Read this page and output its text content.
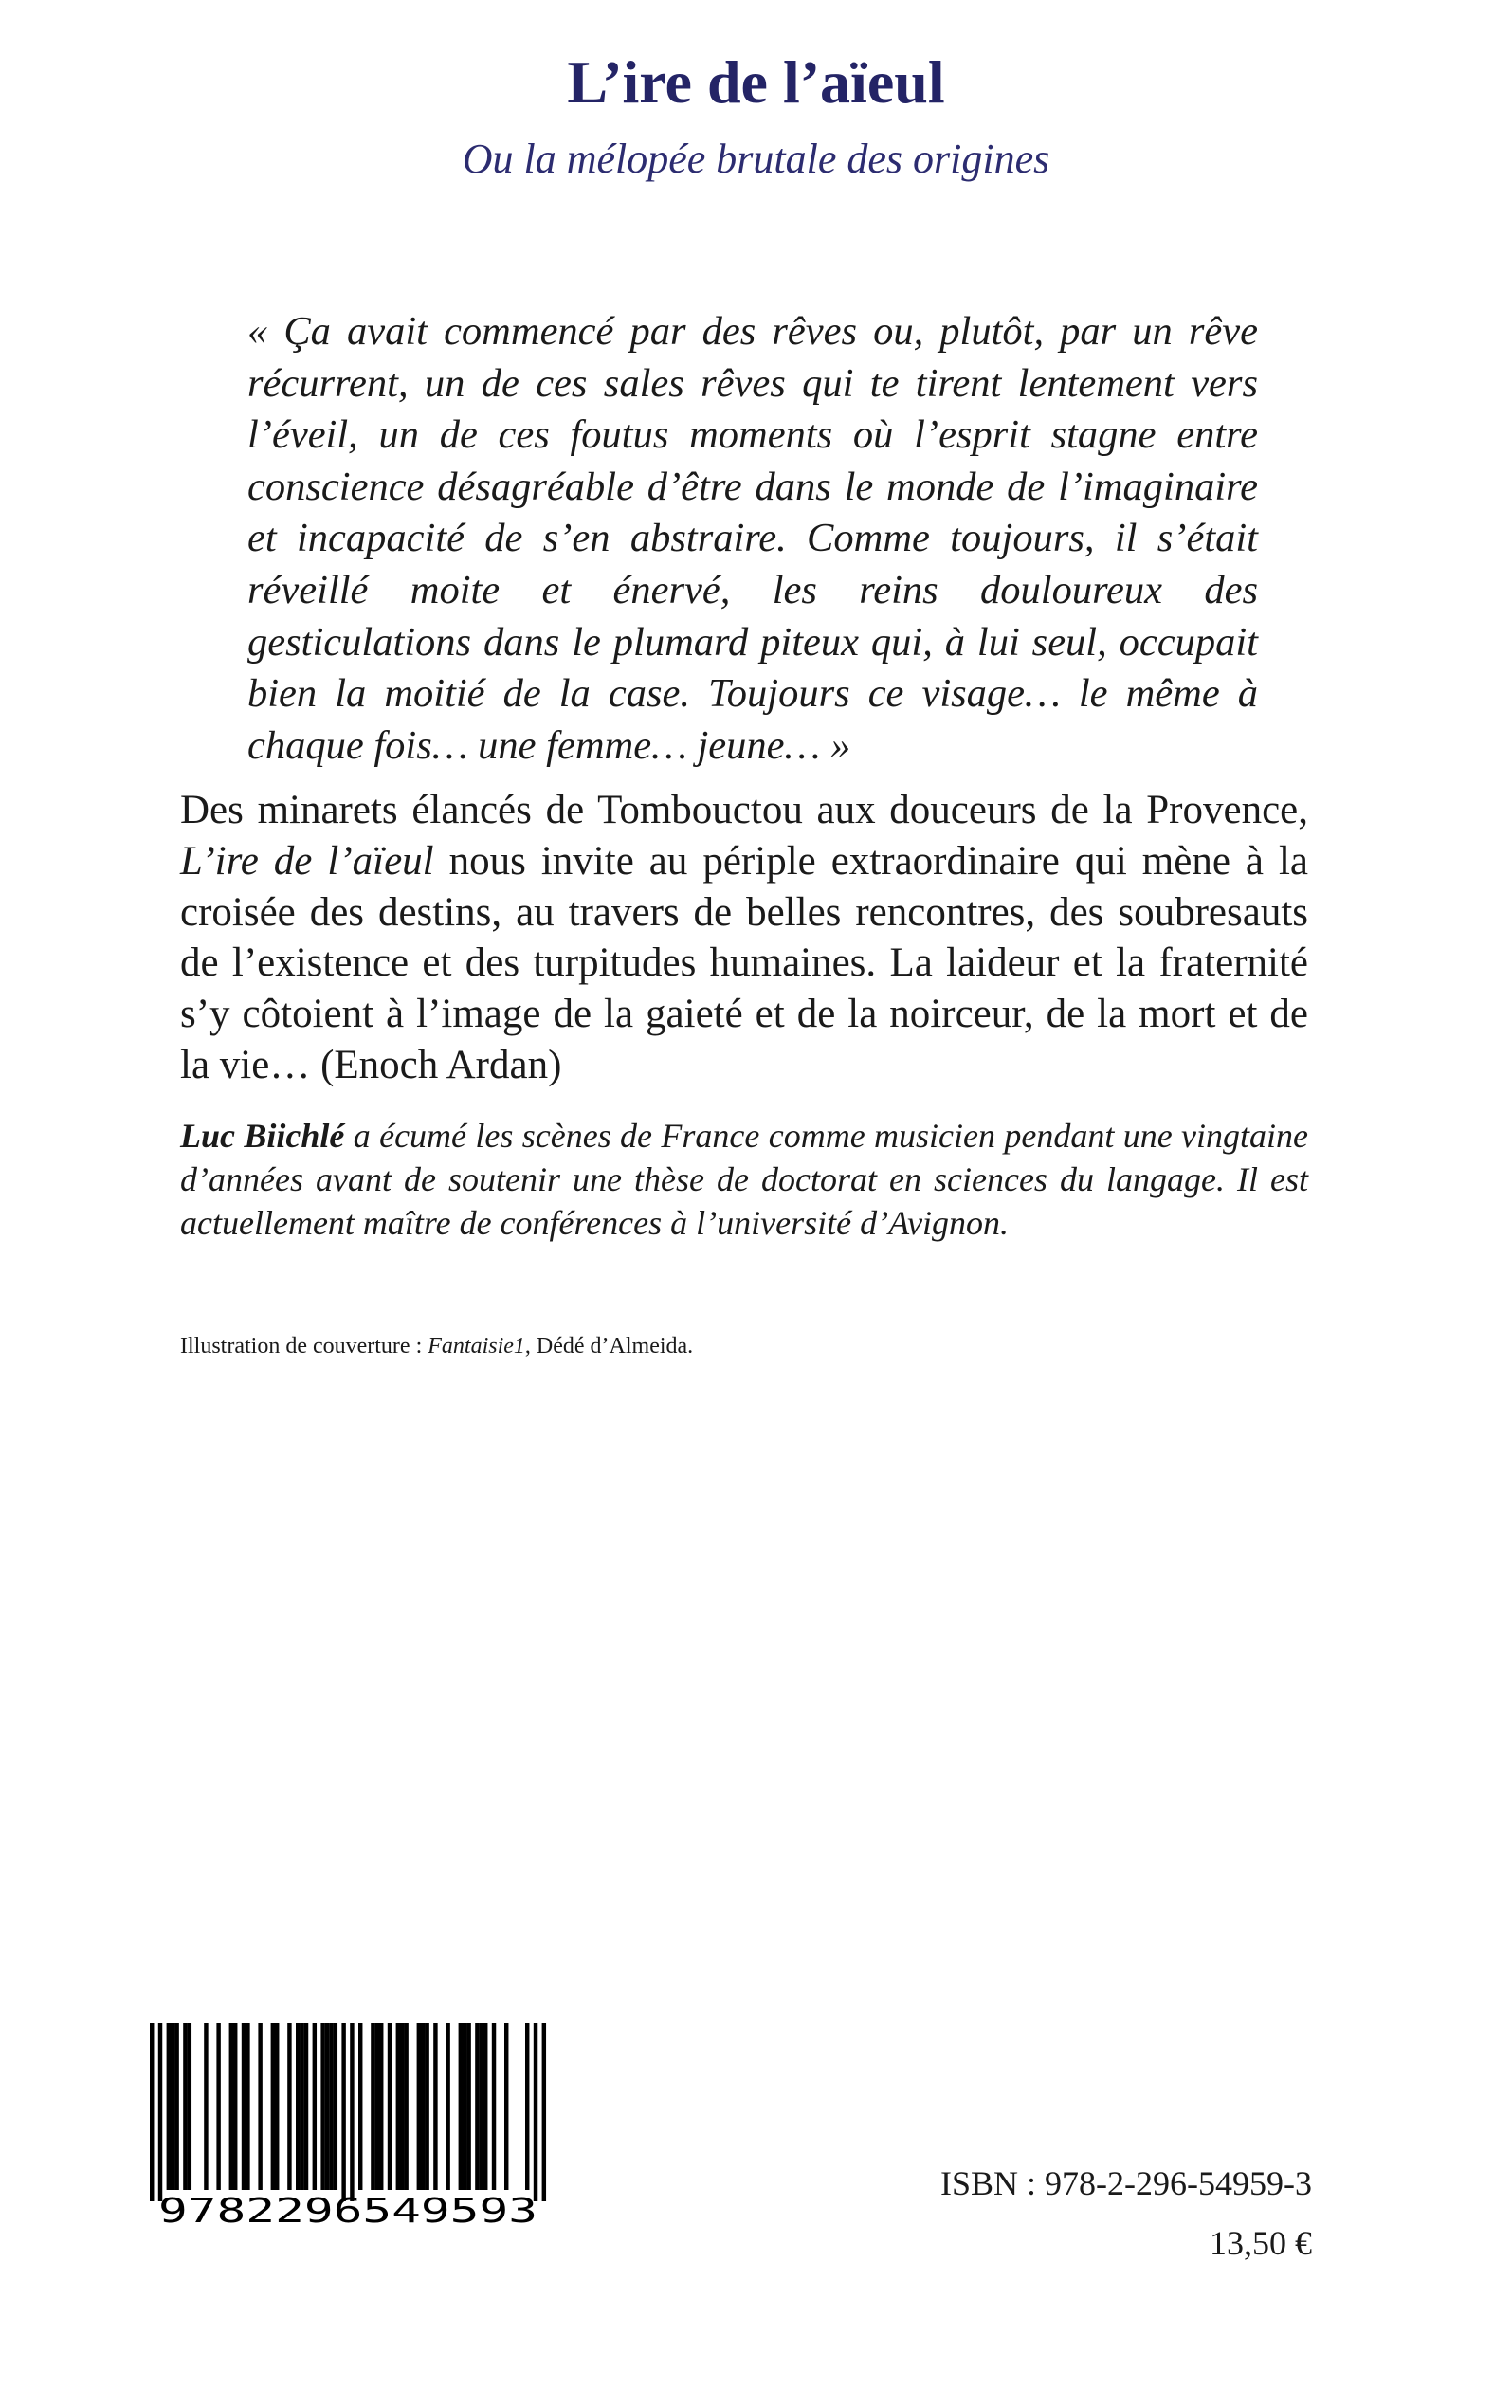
L’ire de l’aïeul

Ou la mélopée brutale des origines

« Ça avait commencé par des rêves ou, plutôt, par un rêve récurrent, un de ces sales rêves qui te tirent lentement vers l’éveil, un de ces foutus moments où l’esprit stagne entre conscience désagréable d’être dans le monde de l’imaginaire et incapacité de s’en abstraire. Comme toujours, il s’était réveillé moite et énervé, les reins douloureux des gesticulations dans le plumard piteux qui, à lui seul, occupait bien la moitié de la case. Toujours ce visage… le même à chaque fois… une femme… jeune… »

Des minarets élancés de Tombouctou aux douceurs de la Provence, L’ire de l’aïeul nous invite au périple extraordinaire qui mène à la croisée des destins, au travers de belles rencontres, des soubresauts de l’existence et des turpitudes humaines. La laideur et la fraternité s’y côtoient à l’image de la gaieté et de la noirceur, de la mort et de la vie… (Enoch Ardan)

Luc Biichlé a écumé les scènes de France comme musicien pendant une vingtaine d’années avant de soutenir une thèse de doctorat en sciences du langage. Il est actuellement maître de conférences à l’université d’Avignon.

Illustration de couverture : Fantaisie1, Dédé d’Almeida.

9782296549593

ISBN : 978-2-296-54959-3

13,50 €
